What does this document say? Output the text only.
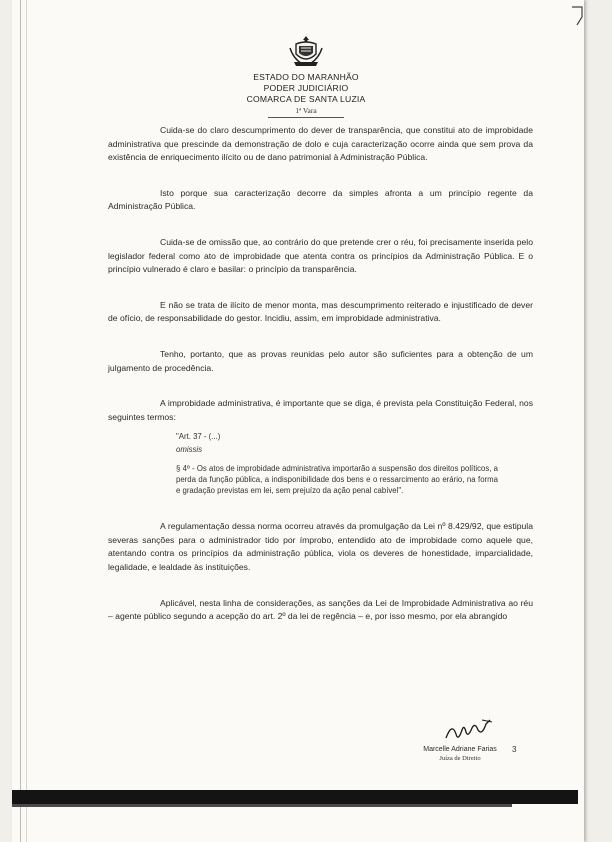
ESTADO DO MARANHÃO
PODER JUDICIÁRIO
COMARCA DE SANTA LUZIA
1ª Vara

Cuida-se do claro descumprimento do dever de transparência, que constitui ato de improbidade administrativa que prescinde da demonstração de dolo e cuja caracterização ocorre ainda que sem prova da existência de enriquecimento ilícito ou de dano patrimonial à Administração Pública.

Isto porque sua caracterização decorre da simples afronta a um princípio regente da Administração Pública.

Cuida-se de omissão que, ao contrário do que pretende crer o réu, foi precisamente inserida pelo legislador federal como ato de improbidade que atenta contra os princípios da Administração Pública. E o princípio vulnerado é claro e basilar: o princípio da transparência.

E não se trata de ilícito de menor monta, mas descumprimento reiterado e injustificado de dever de ofício, de responsabilidade do gestor. Incidiu, assim, em improbidade administrativa.

Tenho, portanto, que as provas reunidas pelo autor são suficientes para a obtenção de um julgamento de procedência.

A improbidade administrativa, é importante que se diga, é prevista pela Constituição Federal, nos seguintes termos:

"Art. 37 - (...)

omissis

§ 4º - Os atos de improbidade administrativa importarão a suspensão dos direitos políticos, a perda da função pública, a indisponibilidade dos bens e o ressarcimento ao erário, na forma e gradação previstas em lei, sem prejuízo da ação penal cabível".

A regulamentação dessa norma ocorreu através da promulgação da Lei nº 8.429/92, que estipula severas sanções para o administrador tido por ímprobo, entendido ato de improbidade como aquele que, atentando contra os princípios da administração pública, viola os deveres de honestidade, imparcialidade, legalidade, e lealdade às instituições.

Aplicável, nesta linha de considerações, as sanções da Lei de Improbidade Administrativa ao réu – agente público segundo a acepção do art. 2º da lei de regência – e, por isso mesmo, por ela abrangido

Marcelle Adriane Farias
Juíza de Direito
3
